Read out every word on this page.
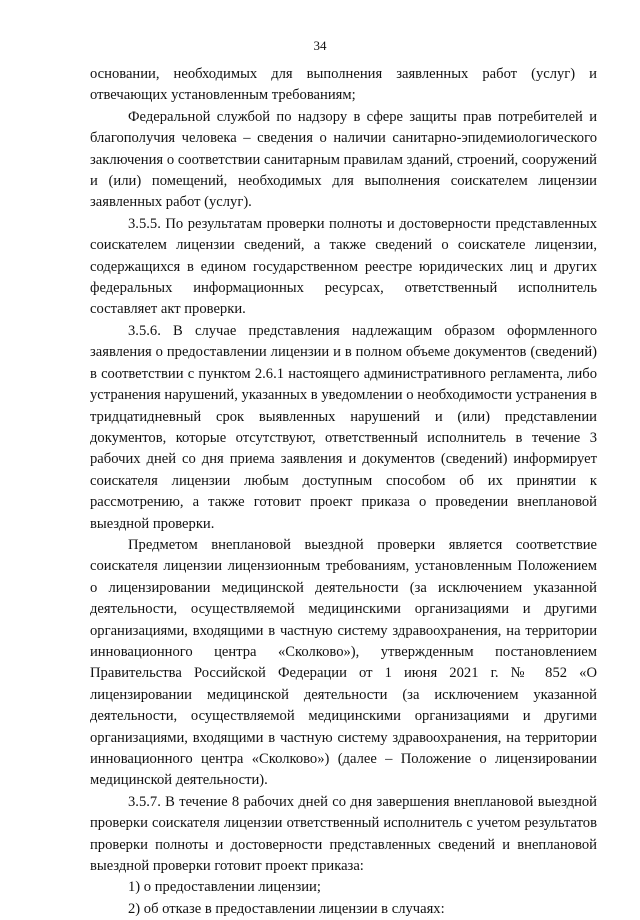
34

основании, необходимых для выполнения заявленных работ (услуг) и отвечающих установленным требованиям;

Федеральной службой по надзору в сфере защиты прав потребителей и благополучия человека – сведения о наличии санитарно-эпидемиологического заключения о соответствии санитарным правилам зданий, строений, сооружений и (или) помещений, необходимых для выполнения соискателем лицензии заявленных работ (услуг).

3.5.5. По результатам проверки полноты и достоверности представленных соискателем лицензии сведений, а также сведений о соискателе лицензии, содержащихся в едином государственном реестре юридических лиц и других федеральных информационных ресурсах, ответственный исполнитель составляет акт проверки.

3.5.6. В случае представления надлежащим образом оформленного заявления о предоставлении лицензии и в полном объеме документов (сведений) в соответствии с пунктом 2.6.1 настоящего административного регламента, либо устранения нарушений, указанных в уведомлении о необходимости устранения в тридцатидневный срок выявленных нарушений и (или) представлении документов, которые отсутствуют, ответственный исполнитель в течение 3 рабочих дней со дня приема заявления и документов (сведений) информирует соискателя лицензии любым доступным способом об их принятии к рассмотрению, а также готовит проект приказа о проведении внеплановой выездной проверки.

Предметом внеплановой выездной проверки является соответствие соискателя лицензии лицензионным требованиям, установленным Положением о лицензировании медицинской деятельности (за исключением указанной деятельности, осуществляемой медицинскими организациями и другими организациями, входящими в частную систему здравоохранения, на территории инновационного центра «Сколково»), утвержденным постановлением Правительства Российской Федерации от 1 июня 2021 г. № 852 «О лицензировании медицинской деятельности (за исключением указанной деятельности, осуществляемой медицинскими организациями и другими организациями, входящими в частную систему здравоохранения, на территории инновационного центра «Сколково») (далее – Положение о лицензировании медицинской деятельности).

3.5.7. В течение 8 рабочих дней со дня завершения внеплановой выездной проверки соискателя лицензии ответственный исполнитель с учетом результатов проверки полноты и достоверности представленных сведений и внеплановой выездной проверки готовит проект приказа:

1) о предоставлении лицензии;

2) об отказе в предоставлении лицензии в случаях:
